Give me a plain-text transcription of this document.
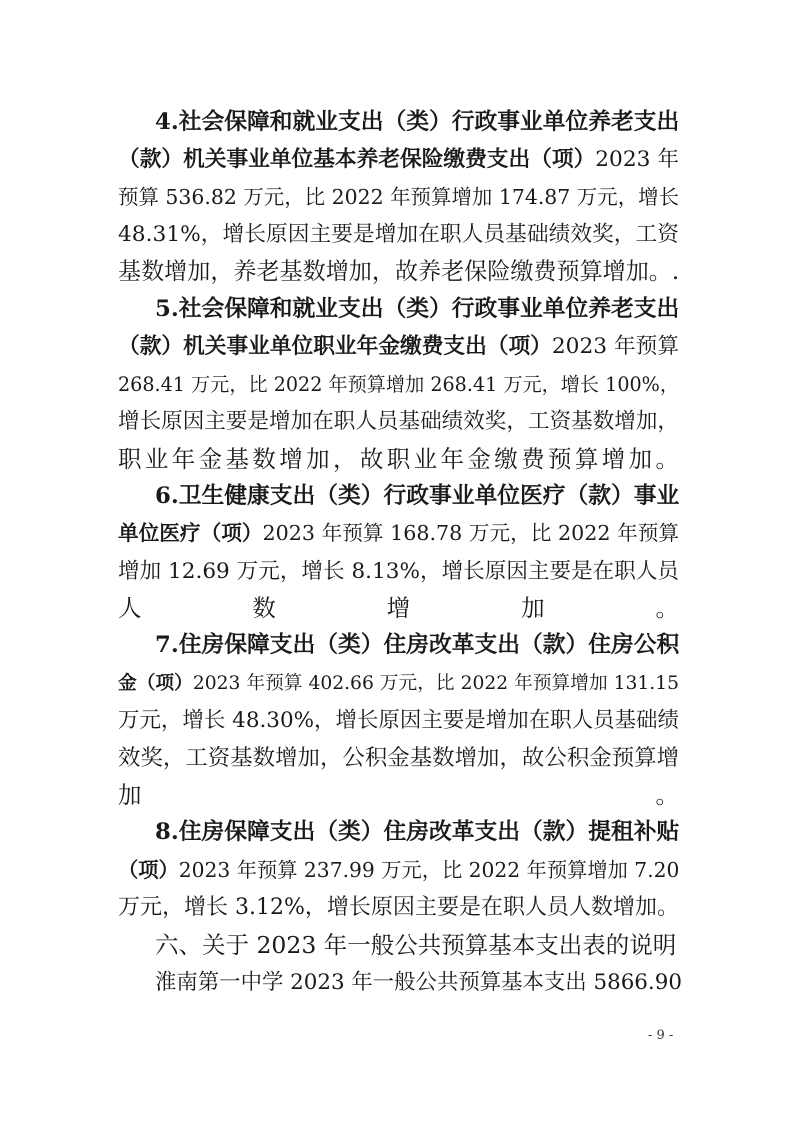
4.社会保障和就业支出（类）行政事业单位养老支出
（款）机关事业单位基本养老保险缴费支出（项）2023 年
预算 536.82 万元，比 2022 年预算增加 174.87 万元，增长
48.31%，增长原因主要是增加在职人员基础绩效奖，工资
基数增加，养老基数增加，故养老保险缴费预算增加。.
5.社会保障和就业支出（类）行政事业单位养老支出
（款）机关事业单位职业年金缴费支出（项）2023 年预算
268.41 万元，比 2022 年预算增加 268.41 万元，增长 100%，
增长原因主要是增加在职人员基础绩效奖，工资基数增加，
职业年金基数增加，故职业年金缴费预算增加。
6.卫生健康支出（类）行政事业单位医疗（款）事业
单位医疗（项）2023 年预算 168.78 万元，比 2022 年预算
增加 12.69 万元，增长 8.13%，增长原因主要是在职人员
人数增加。
7.住房保障支出（类）住房改革支出（款）住房公积
金（项）2023 年预算 402.66 万元，比 2022 年预算增加 131.15
万元，增长 48.30%，增长原因主要是增加在职人员基础绩
效奖，工资基数增加，公积金基数增加，故公积金预算增
加。
8.住房保障支出（类）住房改革支出（款）提租补贴
（项）2023 年预算 237.99 万元，比 2022 年预算增加 7.20
万元，增长 3.12%，增长原因主要是在职人员人数增加。
六、关于 2023 年一般公共预算基本支出表的说明
淮南第一中学 2023 年一般公共预算基本支出 5866.90
- 9 -
